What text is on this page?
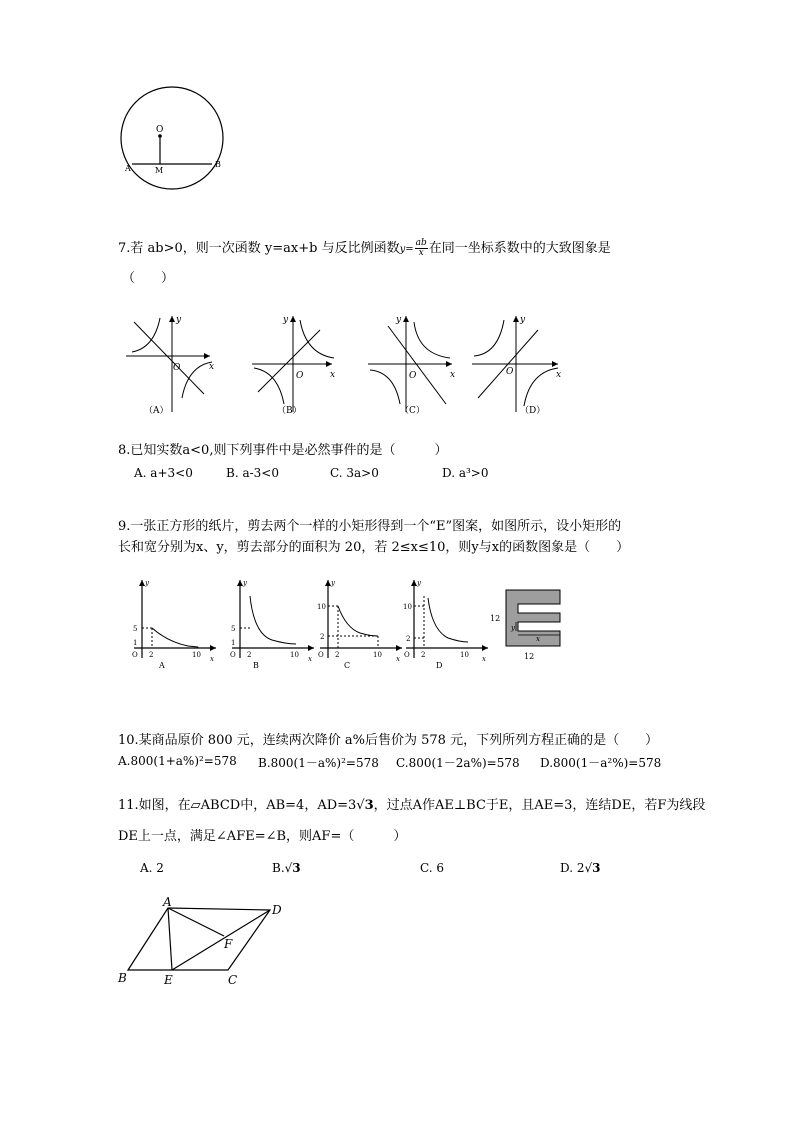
O
A	M
B
7.若 ab>0，则一次函数 y=ax+b 与反比例函数$y= \frac{ab}{x}$ 在同一坐标系数中的大致图象是
（　　）
x
y
O
（A）
x
y
O
（B）
x
y
O
（C）
x
y
O
（D）
8.已知实数a<0,则下列事件中是必然事件的是（　　　）
A. a+3<0	B. a-3<0	C. 3a>0	D. a³>0
9.一张正方形的纸片，剪去两个一样的小矩形得到一个“E”图案，如图所示，设小矩形的
长和宽分别为x、y，剪去部分的面积为 20，若 2≤x≤10，则y与x的函数图象是（　　）
5
1
2	10
O
y
x
A
5
1
2	10
O
y
x
B
10
2
2	10
O
y
x
C
10
2
2	10
O
y
x
D
12
12
x
y
10.某商品原价 800 元，连续两次降价 a%后售价为 578 元，下列所列方程正确的是（　　）
A.800(1+a%)²=578 B.800(1－a%)²=578 C.800(1－2a%)=578 D.800(1－a²%)=578
11.如图，在▱ABCD中，AB=4，AD=3√3，过点A作AE⊥BC于E，且AE=3，连结DE，若F为线段
DE上一点，满足∠AFE=∠B，则AF=（　　　）
A. 2	B.√3	C. 6	D. 2√3
A
D
B	E	C
F
